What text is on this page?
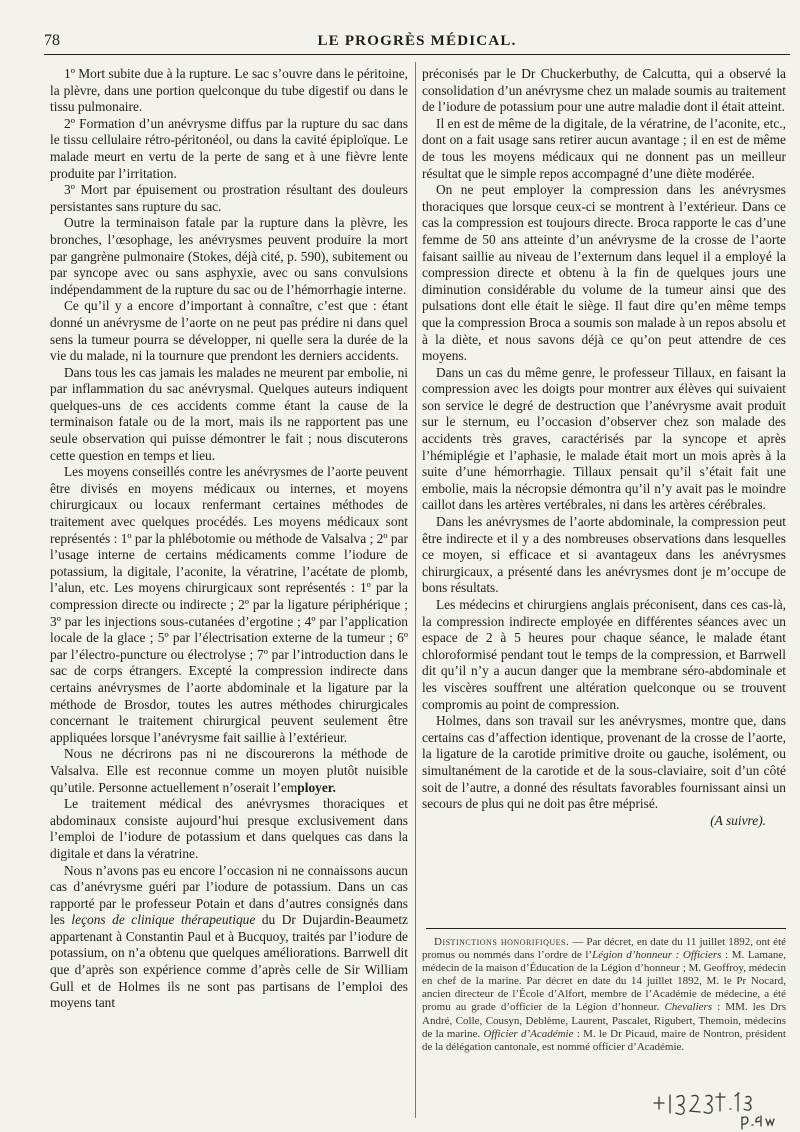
78	LE PROGRÈS MÉDICAL.

1º Mort subite due à la rupture. Le sac s’ouvre dans le péritoine, la plèvre, dans une portion quelconque du tube digestif ou dans le tissu pulmonaire.

2º Formation d’un anévrysme diffus par la rupture du sac dans le tissu cellulaire rétro-péritonéol, ou dans la cavité épiploïque. Le malade meurt en vertu de la perte de sang et à une fièvre lente produite par l’irritation.

3º Mort par épuisement ou prostration résultant des douleurs persistantes sans rupture du sac.

Outre la terminaison fatale par la rupture dans la plèvre, les bronches, l’œsophage, les anévrysmes peuvent produire la mort par gangrène pulmonaire (Stokes, déjà cité, p. 590), subitement ou par syncope avec ou sans asphyxie, avec ou sans convulsions indépendamment de la rupture du sac ou de l’hémorrhagie interne.

Ce qu’il y a encore d’important à connaître, c’est que : étant donné un anévrysme de l’aorte on ne peut pas prédire ni dans quel sens la tumeur pourra se développer, ni quelle sera la durée de la vie du malade, ni la tournure que prendont les derniers accidents.

Dans tous les cas jamais les malades ne meurent par embolie, ni par inflammation du sac anévrysmal. Quelques auteurs indiquent quelques-uns de ces accidents comme étant la cause de la terminaison fatale ou de la mort, mais ils ne rapportent pas une seule observation qui puisse démontrer le fait ; nous discuterons cette question en temps et lieu.

Les moyens conseillés contre les anévrysmes de l’aorte peuvent être divisés en moyens médicaux ou internes, et moyens chirurgicaux ou locaux renfermant certaines méthodes de traitement avec quelques procédés. Les moyens médicaux sont représentés : 1º par la phlébotomie ou méthode de Valsalva ; 2º par l’usage interne de certains médicaments comme l’iodure de potassium, la digitale, l’aconite, la vératrine, l’acétate de plomb, l’alun, etc. Les moyens chirurgicaux sont représentés : 1º par la compression directe ou indirecte ; 2º par la ligature périphérique ; 3º par les injections sous-cutanées d’ergotine ; 4º par l’application locale de la glace ; 5º par l’électrisation externe de la tumeur ; 6º par l’électro-puncture ou électrolyse ; 7º par l’introduction dans le sac de corps étrangers. Excepté la compression indirecte dans certains anévrysmes de l’aorte abdominale et la ligature par la méthode de Brosdor, toutes les autres méthodes chirurgicales concernant le traitement chirurgical peuvent seulement être appliquées lorsque l’anévrysme fait saillie à l’extérieur.

Nous ne décrirons pas ni ne discourerons la méthode de Valsalva. Elle est reconnue comme un moyen plutôt nuisible qu’utile. Personne actuellement n’oserait l’employer.

Le traitement médical des anévrysmes thoraciques et abdominaux consiste aujourd’hui presque exclusivement dans l’emploi de l’iodure de potassium et dans quelques cas dans la digitale et dans la vératrine.

Nous n’avons pas eu encore l’occasion ni ne connaissons aucun cas d’anévrysme guéri par l’iodure de potassium. Dans un cas rapporté par le professeur Potain et dans d’autres consignés dans les leçons de clinique thérapeutique du Dr Dujardin-Beaumetz appartenant à Constantin Paul et à Bucquoy, traités par l’iodure de potassium, on n’a obtenu que quelques améliorations. Barrwell dit que d’après son expérience comme d’après celle de Sir William Gull et de Holmes ils ne sont pas partisans de l’emploi des moyens tant

préconisés par le Dr Chuckerbuthy, de Calcutta, qui a observé la consolidation d’un anévrysme chez un malade soumis au traitement de l’iodure de potassium pour une autre maladie dont il était atteint.

Il en est de même de la digitale, de la vératrine, de l’aconite, etc., dont on a fait usage sans retirer aucun avantage ; il en est de même de tous les moyens médicaux qui ne donnent pas un meilleur résultat que le simple repos accompagné d’une diète modérée.

On ne peut employer la compression dans les anévrysmes thoraciques que lorsque ceux-ci se montrent à l’extérieur. Dans ce cas la compression est toujours directe. Broca rapporte le cas d’une femme de 50 ans atteinte d’un anévrysme de la crosse de l’aorte faisant saillie au niveau de l’externum dans lequel il a employé la compression directe et obtenu à la fin de quelques jours une diminution considérable du volume de la tumeur ainsi que des pulsations dont elle était le siège. Il faut dire qu’en même temps que la compression Broca a soumis son malade à un repos absolu et à la diète, et nous savons déjà ce qu’on peut attendre de ces moyens.

Dans un cas du même genre, le professeur Tillaux, en faisant la compression avec les doigts pour montrer aux élèves qui suivaient son service le degré de destruction que l’anévrysme avait produit sur le sternum, eu l’occasion d’observer chez son malade des accidents très graves, caractérisés par la syncope et après l’hémiplégie et l’aphasie, le malade était mort un mois après à la suite d’une hémorrhagie. Tillaux pensait qu’il s’était fait une embolie, mais la nécropsie démontra qu’il n’y avait pas le moindre caillot dans les artères vertébrales, ni dans les artères cérébrales.

Dans les anévrysmes de l’aorte abdominale, la compression peut être indirecte et il y a des nombreuses observations dans lesquelles ce moyen, si efficace et si avantageux dans les anévrysmes chirurgicaux, a présenté dans les anévrysmes dont je m’occupe de bons résultats.

Les médecins et chirurgiens anglais préconisent, dans ces cas-là, la compression indirecte employée en différentes séances avec un espace de 2 à 5 heures pour chaque séance, le malade étant chloroformisé pendant tout le temps de la compression, et Barrwell dit qu’il n’y a aucun danger que la membrane séro-abdominale et les viscères souffrent une altération quelconque ou se trouvent compromis au point de compression.

Holmes, dans son travail sur les anévrysmes, montre que, dans certains cas d’affection identique, provenant de la crosse de l’aorte, la ligature de la carotide primitive droite ou gauche, isolément, ou simultanément de la carotide et de la sous-claviaire, soit d’un côté soit de l’autre, a donné des résultats favorables fournissant ainsi un secours de plus qui ne doit pas être méprisé.

(A suivre).

Distinctions honorifiques. — Par décret, en date du 11 juillet 1892, ont été promus ou nommés dans l’ordre de l’Légion d’honneur : Officiers : M. Lamane, médecin de la maison d’Éducation de la Légion d’honneur ; M. Geoffroy, médecin en chef de la marine. Par décret en date du 14 juillet 1892, M. le Pr Nocard, ancien directeur de l’École d’Alfort, membre de l’Académie de médecine, a été promu au grade d’officier de la Légion d’honneur. Chevaliers : MM. les Drs André, Colle, Cousyn, Deblème, Laurent, Pascalet, Rigubert, Themoin, médecins de la marine. Officier d’Académie : M. le Dr Picaud, maire de Nontron, président de la délégation cantonale, est nommé officier d’Académie.
